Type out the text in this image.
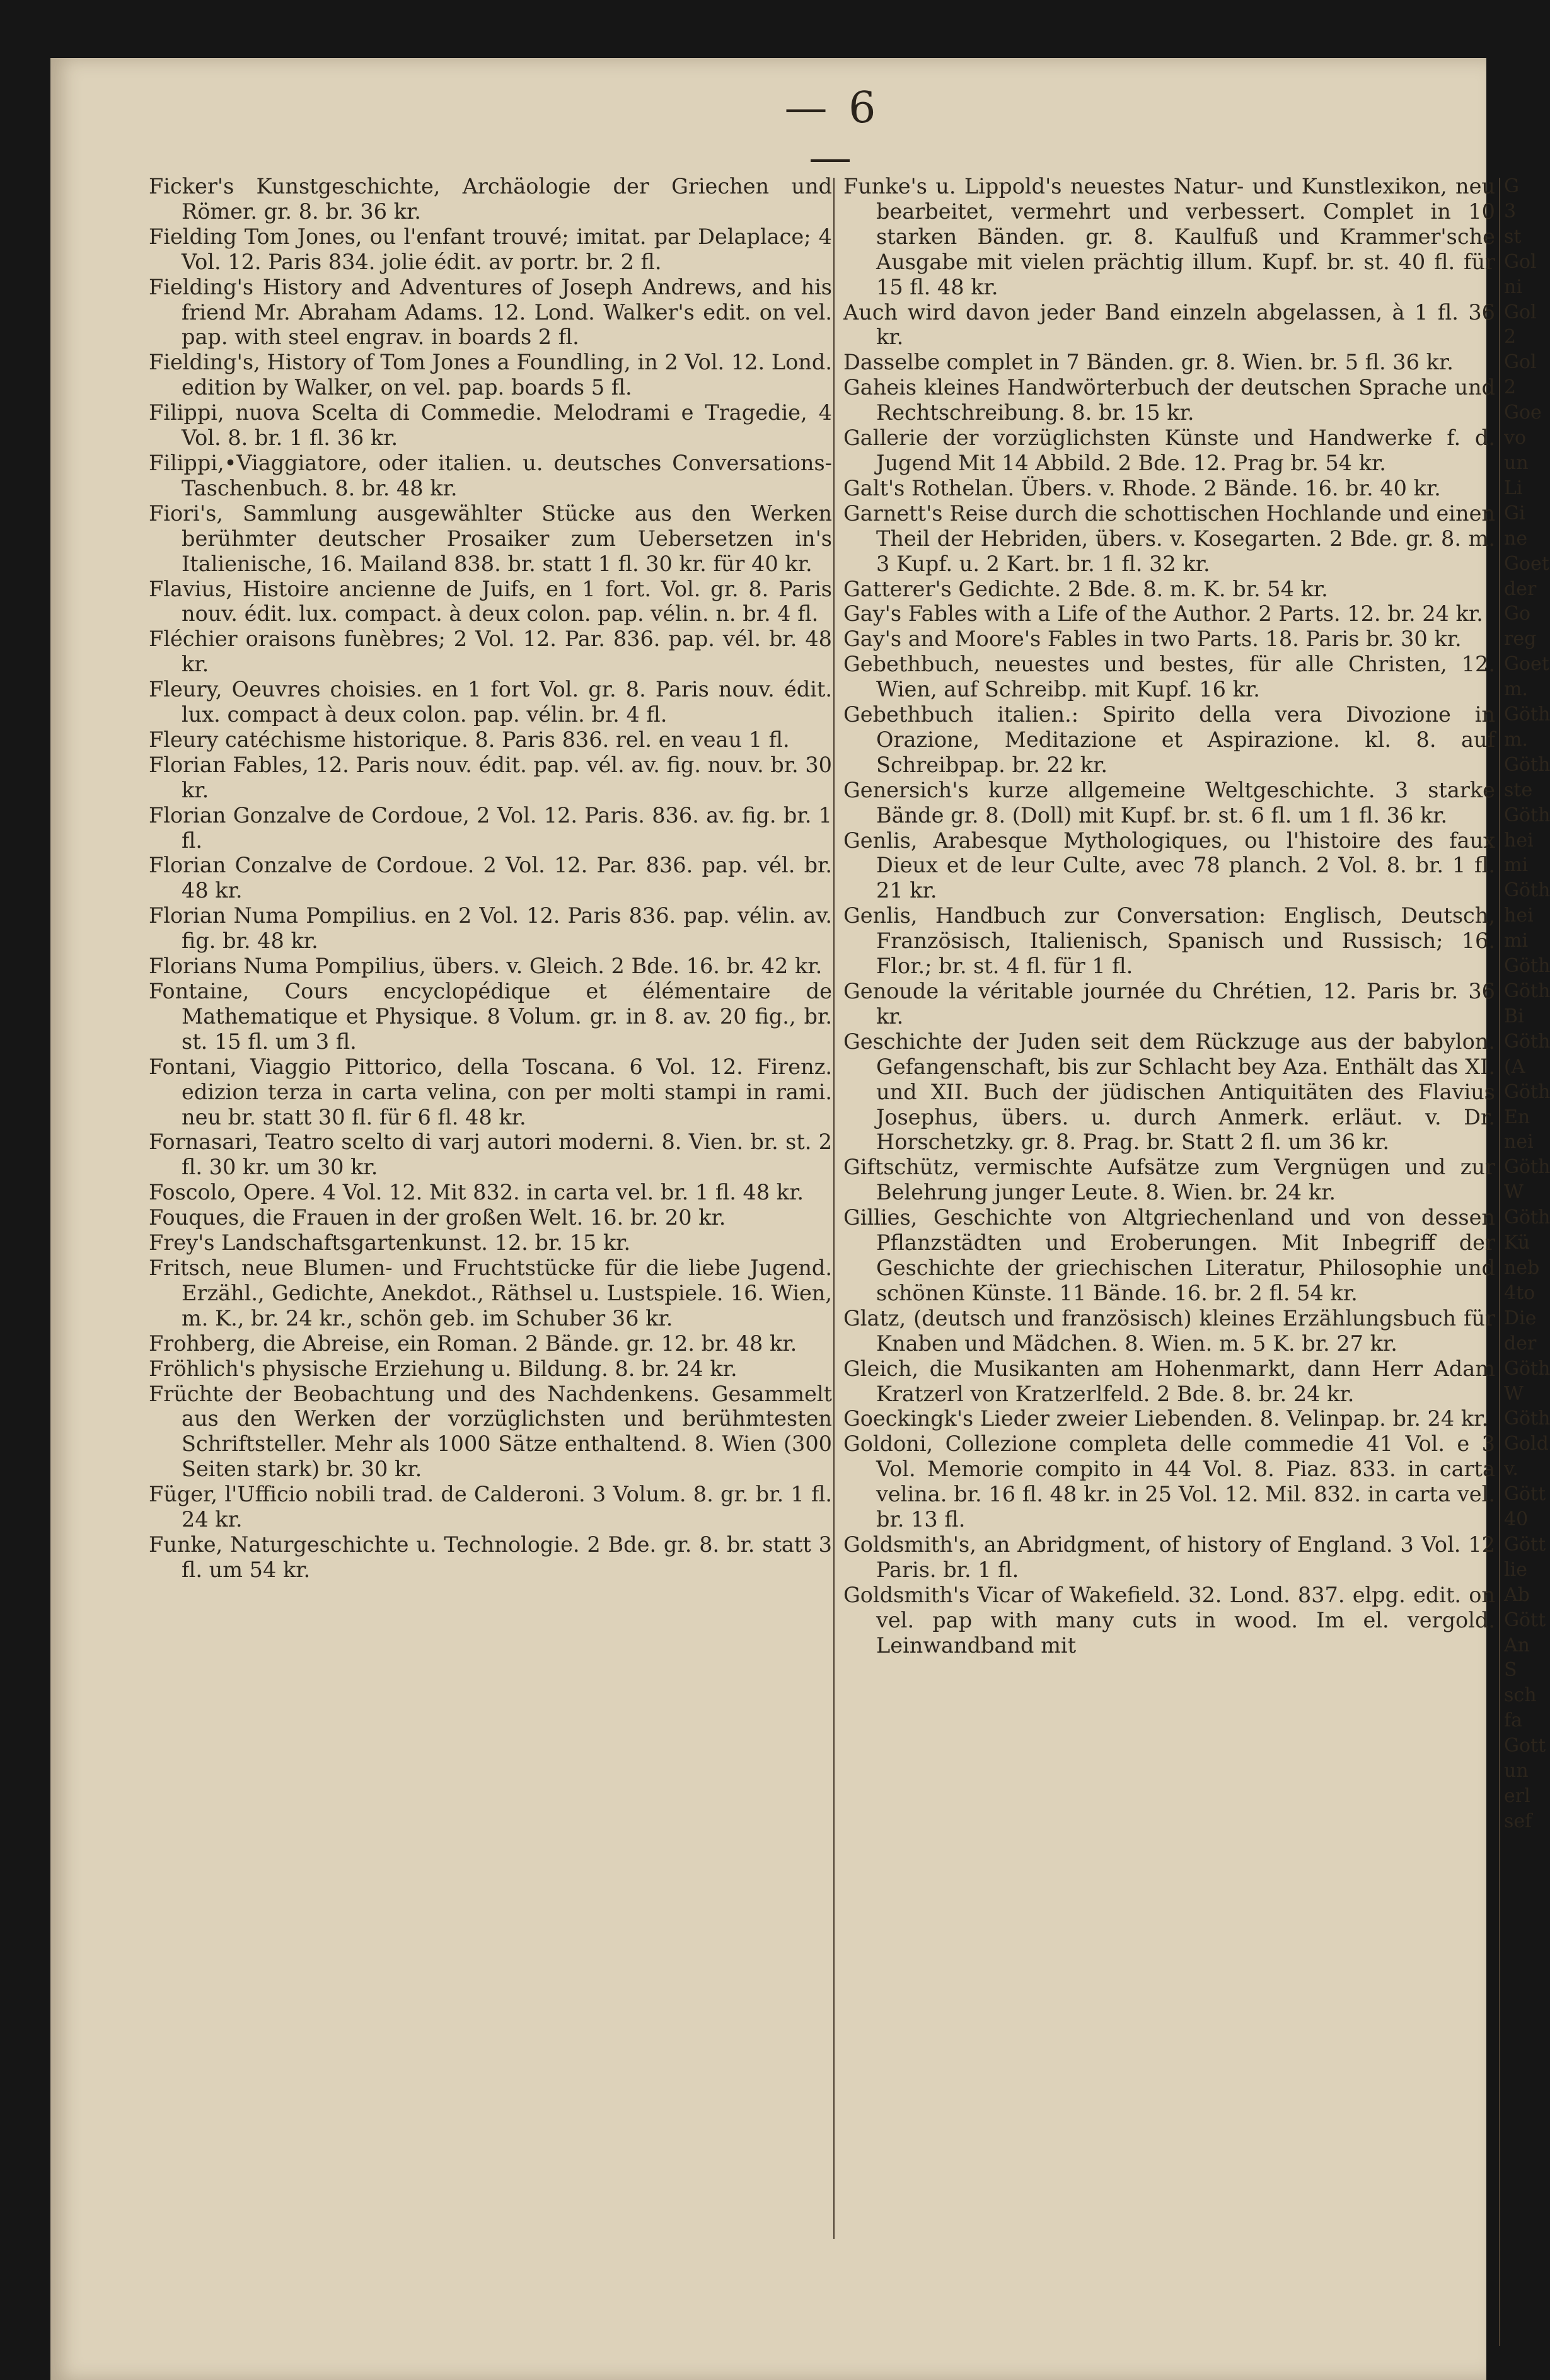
— 6 —

Ficker's Kunstgeschichte, Archäologie der Griechen und Römer. gr. 8. br. 36 kr.

Fielding Tom Jones, ou l'enfant trouvé; imitat. par Delaplace; 4 Vol. 12. Paris 834. jolie édit. av portr. br. 2 fl.

Fielding's History and Adventures of Joseph Andrews, and his friend Mr. Abraham Adams. 12. Lond. Walker's edit. on vel. pap. with steel engrav. in boards 2 fl.

Fielding's, History of Tom Jones a Foundling, in 2 Vol. 12. Lond. edition by Walker, on vel. pap. boards 5 fl.

Filippi, nuova Scelta di Commedie. Melodrami e Tragedie, 4 Vol. 8. br. 1 fl. 36 kr.

Filippi,•Viaggiatore, oder italien. u. deutsches Conversations-Taschenbuch. 8. br. 48 kr.

Fiori's, Sammlung ausgewählter Stücke aus den Werken berühmter deutscher Prosaiker zum Uebersetzen in's Italienische, 16. Mailand 838. br. statt 1 fl. 30 kr. für 40 kr.

Flavius, Histoire ancienne de Juifs, en 1 fort. Vol. gr. 8. Paris nouv. édit. lux. compact. à deux colon. pap. vélin. n. br. 4 fl.

Fléchier oraisons funèbres; 2 Vol. 12. Par. 836. pap. vél. br. 48 kr.

Fleury, Oeuvres choisies. en 1 fort Vol. gr. 8. Paris nouv. édit. lux. compact à deux colon. pap. vélin. br. 4 fl.

Fleury catéchisme historique. 8. Paris 836. rel. en veau 1 fl.

Florian Fables, 12. Paris nouv. édit. pap. vél. av. fig. nouv. br. 30 kr.

Florian Gonzalve de Cordoue, 2 Vol. 12. Paris. 836. av. fig. br. 1 fl.

Florian Conzalve de Cordoue. 2 Vol. 12. Par. 836. pap. vél. br. 48 kr.

Florian Numa Pompilius. en 2 Vol. 12. Paris 836. pap. vélin. av. fig. br. 48 kr.

Florians Numa Pompilius, übers. v. Gleich. 2 Bde. 16. br. 42 kr.

Fontaine, Cours encyclopédique et élémentaire de Mathematique et Physique. 8 Volum. gr. in 8. av. 20 fig., br. st. 15 fl. um 3 fl.

Fontani, Viaggio Pittorico, della Toscana. 6 Vol. 12. Firenz. edizion terza in carta velina, con per molti stampi in rami. neu br. statt 30 fl. für 6 fl. 48 kr.

Fornasari, Teatro scelto di varj autori moderni. 8. Vien. br. st. 2 fl. 30 kr. um 30 kr.

Foscolo, Opere. 4 Vol. 12. Mit 832. in carta vel. br. 1 fl. 48 kr.

Fouques, die Frauen in der großen Welt. 16. br. 20 kr.

Frey's Landschaftsgartenkunst. 12. br. 15 kr.

Fritsch, neue Blumen- und Fruchtstücke für die liebe Jugend. Erzähl., Gedichte, Anekdot., Räthsel u. Lustspiele. 16. Wien, m. K., br. 24 kr., schön geb. im Schuber 36 kr.

Frohberg, die Abreise, ein Roman. 2 Bände. gr. 12. br. 48 kr.

Fröhlich's physische Erziehung u. Bildung. 8. br. 24 kr.

Früchte der Beobachtung und des Nachdenkens. Gesammelt aus den Werken der vorzüglichsten und berühmtesten Schriftsteller. Mehr als 1000 Sätze enthaltend. 8. Wien (300 Seiten stark) br. 30 kr.

Füger, l'Ufficio nobili trad. de Calderoni. 3 Volum. 8. gr. br. 1 fl. 24 kr.

Funke, Naturgeschichte u. Technologie. 2 Bde. gr. 8. br. statt 3 fl. um 54 kr.

Funke's u. Lippold's neuestes Natur- und Kunstlexikon, neu bearbeitet, vermehrt und verbessert. Complet in 10 starken Bänden. gr. 8. Kaulfuß und Krammer'sche Ausgabe mit vielen prächtig illum. Kupf. br. st. 40 fl. für 15 fl. 48 kr.

Auch wird davon jeder Band einzeln abgelassen, à 1 fl. 36 kr.

Dasselbe complet in 7 Bänden. gr. 8. Wien. br. 5 fl. 36 kr.

Gaheis kleines Handwörterbuch der deutschen Sprache und Rechtschreibung. 8. br. 15 kr.

Gallerie der vorzüglichsten Künste und Handwerke f. d. Jugend Mit 14 Abbild. 2 Bde. 12. Prag br. 54 kr.

Galt's Rothelan. Übers. v. Rhode. 2 Bände. 16. br. 40 kr.

Garnett's Reise durch die schottischen Hochlande und einen Theil der Hebriden, übers. v. Kosegarten. 2 Bde. gr. 8. m. 3 Kupf. u. 2 Kart. br. 1 fl. 32 kr.

Gatterer's Gedichte. 2 Bde. 8. m. K. br. 54 kr.

Gay's Fables with a Life of the Author. 2 Parts. 12. br. 24 kr.

Gay's and Moore's Fables in two Parts. 18. Paris br. 30 kr.

Gebethbuch, neuestes und bestes, für alle Christen, 12. Wien, auf Schreibp. mit Kupf. 16 kr.

Gebethbuch italien.: Spirito della vera Divozione in Orazione, Meditazione et Aspirazione. kl. 8. auf Schreibpap. br. 22 kr.

Genersich's kurze allgemeine Weltgeschichte. 3 starke Bände gr. 8. (Doll) mit Kupf. br. st. 6 fl. um 1 fl. 36 kr.

Genlis, Arabesque Mythologiques, ou l'histoire des faux Dieux et de leur Culte, avec 78 planch. 2 Vol. 8. br. 1 fl. 21 kr.

Genlis, Handbuch zur Conversation: Englisch, Deutsch, Französisch, Italienisch, Spanisch und Russisch; 16. Flor.; br. st. 4 fl. für 1 fl.

Genoude la véritable journée du Chrétien, 12. Paris br. 36 kr.

Geschichte der Juden seit dem Rückzuge aus der babylon. Gefangenschaft, bis zur Schlacht bey Aza. Enthält das XI. und XII. Buch der jüdischen Antiquitäten des Flavius Josephus, übers. u. durch Anmerk. erläut. v. Dr. Horschetzky. gr. 8. Prag. br. Statt 2 fl. um 36 kr.

Giftschütz, vermischte Aufsätze zum Vergnügen und zur Belehrung junger Leute. 8. Wien. br. 24 kr.

Gillies, Geschichte von Altgriechenland und von dessen Pflanzstädten und Eroberungen. Mit Inbegriff der Geschichte der griechischen Literatur, Philosophie und schönen Künste. 11 Bände. 16. br. 2 fl. 54 kr.

Glatz, (deutsch und französisch) kleines Erzählungsbuch für Knaben und Mädchen. 8. Wien. m. 5 K. br. 27 kr.

Gleich, die Musikanten am Hohenmarkt, dann Herr Adam Kratzerl von Kratzerlfeld. 2 Bde. 8. br. 24 kr.

Goeckingk's Lieder zweier Liebenden. 8. Velinpap. br. 24 kr.

Goldoni, Collezione completa delle commedie 41 Vol. e 3 Vol. Memorie compito in 44 Vol. 8. Piaz. 833. in carta velina. br. 16 fl. 48 kr. in 25 Vol. 12. Mil. 832. in carta vel. br. 13 fl.

Goldsmith's, an Abridgment, of history of England. 3 Vol. 12 Paris. br. 1 fl.

Goldsmith's Vicar of Wakefield. 32. Lond. 837. elpg. edit. on vel. pap with many cuts in wood. Im el. vergold. Leinwandband mit

G
3
st
Gol
ni
Gol
2
Gol
2
Goe
vo
un
Li
Gi
ne
Goet
der
Go
reg
Goet
m.
Göth
m.
Göth
ste
Göth
hei
mi
Göth
hei
mi
Göth
Göth
Bi
Göth
(A
Göth
En
nei
Göth
W
Göth
Kü
neb
4to
Die
der
Göth
W
Göth
Gold
v.
Gött
40
Gött
lie
Ab
Gött
An
S
sch
fa
Gott
un
erl
sef
